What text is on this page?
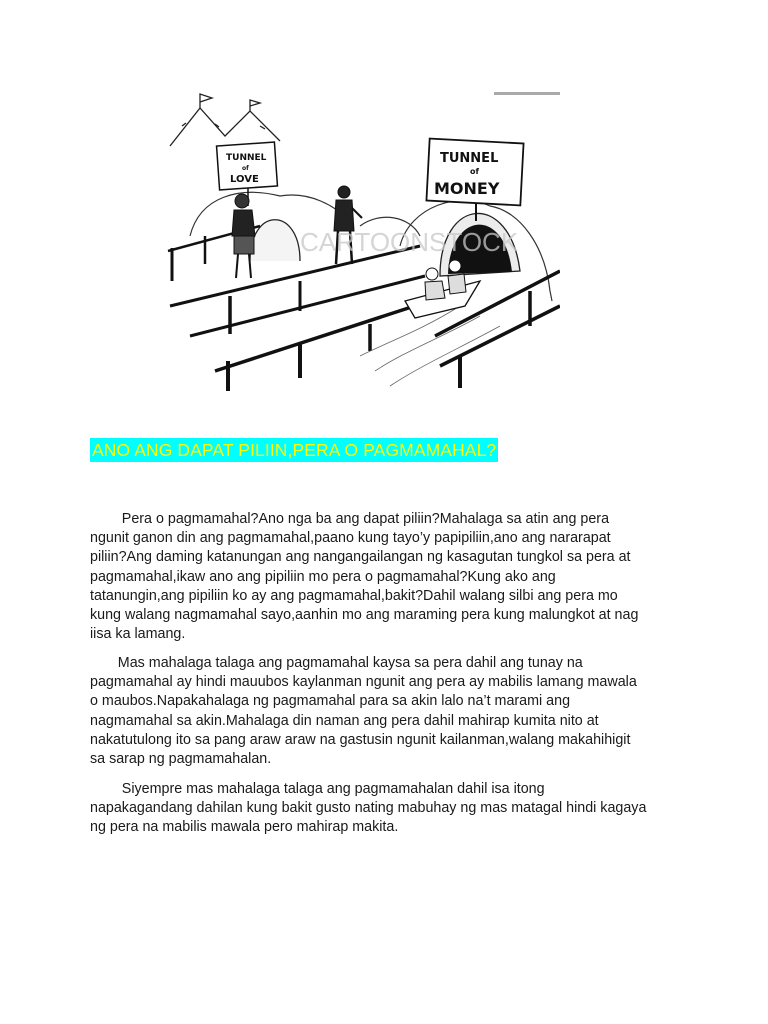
TUNNEL
of
LOVE
TUNNEL
of
MONEY
CARTOONSTOCK
ANO ANG DAPAT PILIIN,PERA O PAGMAMAHAL?

Pera o pagmamahal?Ano nga ba ang dapat piliin?Mahalaga sa atin ang pera
ngunit ganon din ang pagmamahal,paano kung tayo’y papipiliin,ano ang nararapat
piliin?Ang daming katanungan ang nangangailangan ng kasagutan tungkol sa pera at
pagmamahal,ikaw ano ang pipiliin mo pera o pagmamahal?Kung ako ang
tatanungin,ang pipiliin ko ay ang pagmamahal,bakit?Dahil walang silbi ang pera mo
kung walang nagmamahal sayo,aanhin mo ang maraming pera kung malungkot at nag
iisa ka lamang.

Mas mahalaga talaga ang pagmamahal kaysa sa pera dahil ang tunay na
pagmamahal ay hindi mauubos kaylanman ngunit ang pera ay mabilis lamang mawala
o maubos.Napakahalaga ng pagmamahal para sa akin lalo na’t marami ang
nagmamahal sa akin.Mahalaga din naman ang pera dahil mahirap kumita nito at
nakatutulong ito sa pang araw araw na gastusin ngunit kailanman,walang makahihigit
sa sarap ng pagmamahalan.

Siyempre mas mahalaga talaga ang pagmamahalan dahil isa itong
napakagandang dahilan kung bakit gusto nating mabuhay ng mas matagal hindi kagaya
ng pera na mabilis mawala pero mahirap makita.
